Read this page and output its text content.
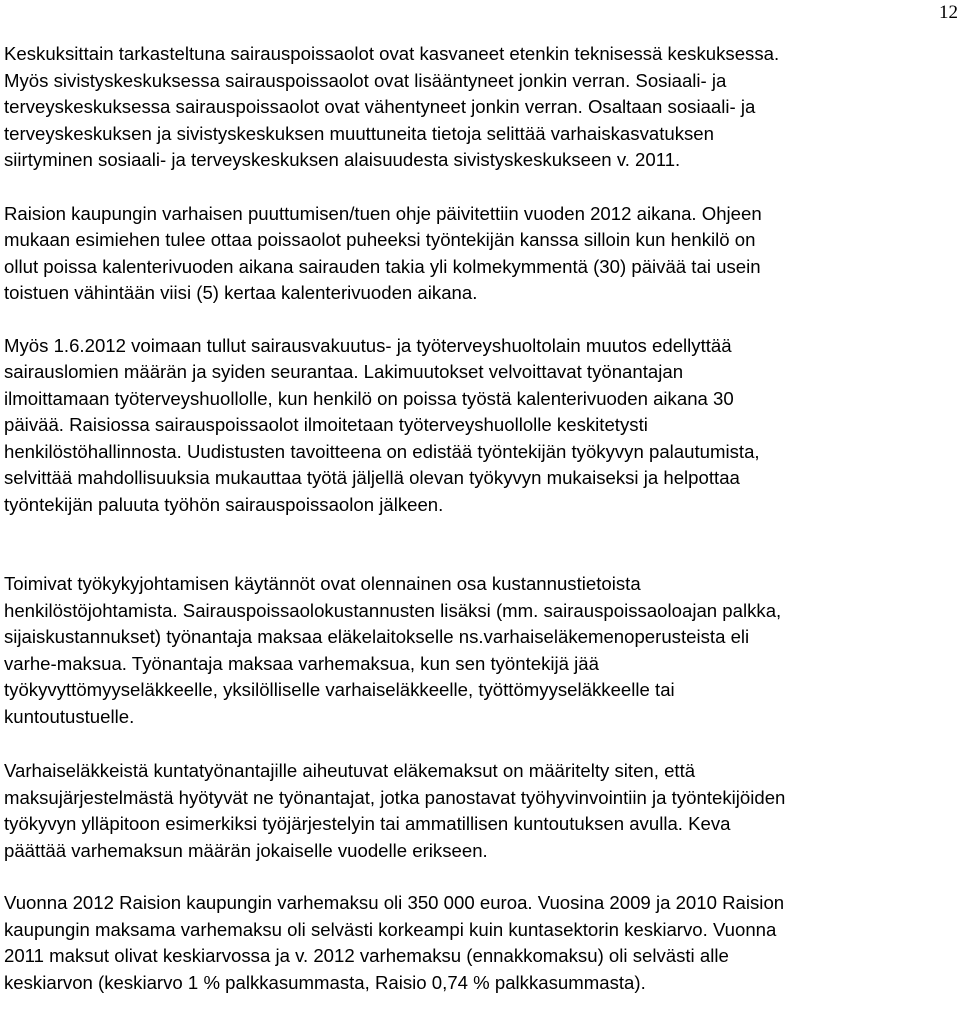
12

Keskuksittain tarkasteltuna sairauspoissaolot ovat kasvaneet etenkin teknisessä keskuksessa.
Myös sivistyskeskuksessa sairauspoissaolot ovat lisääntyneet jonkin verran. Sosiaali- ja
terveyskeskuksessa sairauspoissaolot ovat vähentyneet jonkin verran. Osaltaan sosiaali- ja
terveyskeskuksen ja sivistyskeskuksen muuttuneita tietoja selittää varhaiskasvatuksen
siirtyminen sosiaali- ja terveyskeskuksen alaisuudesta sivistyskeskukseen v. 2011.

Raision kaupungin varhaisen puuttumisen/tuen ohje päivitettiin vuoden 2012 aikana. Ohjeen
mukaan esimiehen tulee ottaa poissaolot puheeksi työntekijän kanssa silloin kun henkilö on
ollut poissa kalenterivuoden aikana sairauden takia yli kolmekymmentä (30) päivää tai usein
toistuen vähintään viisi (5) kertaa kalenterivuoden aikana.

Myös 1.6.2012 voimaan tullut sairausvakuutus- ja työterveyshuoltolain muutos edellyttää
sairauslomien määrän ja syiden seurantaa. Lakimuutokset velvoittavat työnantajan
ilmoittamaan työterveyshuollolle, kun henkilö on poissa työstä kalenterivuoden aikana 30
päivää. Raisiossa sairauspoissaolot ilmoitetaan työterveyshuollolle keskitetysti
henkilöstöhallinnosta. Uudistusten tavoitteena on edistää työntekijän työkyvyn palautumista,
selvittää mahdollisuuksia mukauttaa työtä jäljellä olevan työkyvyn mukaiseksi ja helpottaa
työntekijän paluuta työhön sairauspoissaolon jälkeen.

Toimivat työkykyjohtamisen käytännöt ovat olennainen osa kustannustietoista
henkilöstöjohtamista. Sairauspoissaolokustannusten lisäksi (mm. sairauspoissaoloajan palkka,
sijaiskustannukset) työnantaja maksaa eläkelaitokselle ns.varhaiseläkemenoperusteista eli
varhe-maksua. Työnantaja maksaa varhemaksua, kun sen työntekijä jää
työkyvyttömyyseläkkeelle, yksilölliselle varhaiseläkkeelle, työttömyyseläkkeelle tai
kuntoutustuelle.

Varhaiseläkkeistä kuntatyönantajille aiheutuvat eläkemaksut on määritelty siten, että
maksujärjestelmästä hyötyvät ne työnantajat, jotka panostavat työhyvinvointiin ja työntekijöiden
työkyvyn ylläpitoon esimerkiksi työjärjestelyin tai ammatillisen kuntoutuksen avulla. Keva
päättää varhemaksun määrän jokaiselle vuodelle erikseen.

Vuonna 2012 Raision kaupungin varhemaksu oli 350 000 euroa. Vuosina 2009 ja 2010 Raision
kaupungin maksama varhemaksu oli selvästi korkeampi kuin kuntasektorin keskiarvo. Vuonna
2011 maksut olivat keskiarvossa ja v. 2012 varhemaksu (ennakkomaksu) oli selvästi alle
keskiarvon (keskiarvo 1 % palkkasummasta, Raisio 0,74 % palkkasummasta).
